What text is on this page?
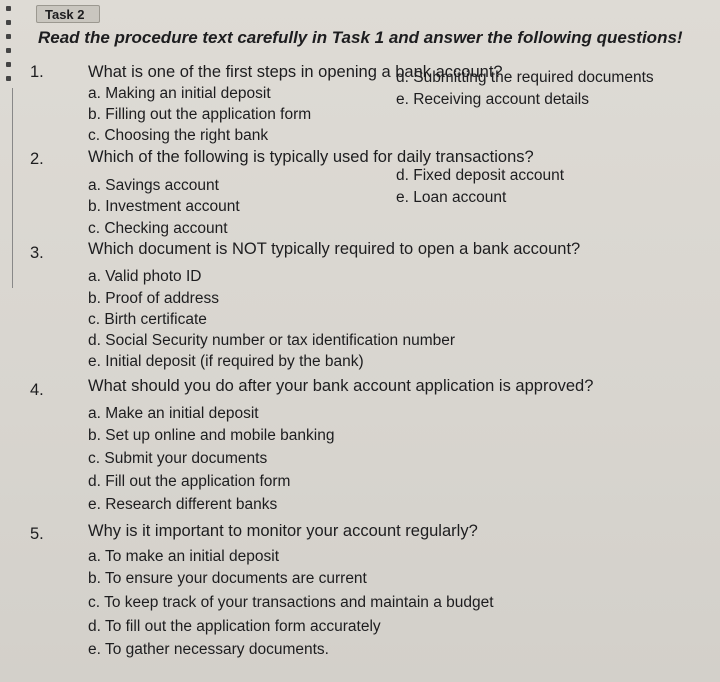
Task 2
Read the procedure text carefully in Task 1 and answer the following questions!
1.	What is one of the first steps in opening a bank account?
a. Making an initial deposit
b. Filling out the application form
c. Choosing the right bank
d. Submitting the required documents
e. Receiving account details
2.	Which of the following is typically used for daily transactions?
a. Savings account
b. Investment account
c. Checking account
d. Fixed deposit account
e. Loan account
3.	Which document is NOT typically required to open a bank account?
a. Valid photo ID
b. Proof of address
c. Birth certificate
d. Social Security number or tax identification number
e. Initial deposit (if required by the bank)
4.	What should you do after your bank account application is approved?
a. Make an initial deposit
b. Set up online and mobile banking
c. Submit your documents
d. Fill out the application form
e. Research different banks
5.	Why is it important to monitor your account regularly?
a. To make an initial deposit
b. To ensure your documents are current
c. To keep track of your transactions and maintain a budget
d. To fill out the application form accurately
e. To gather necessary documents.
